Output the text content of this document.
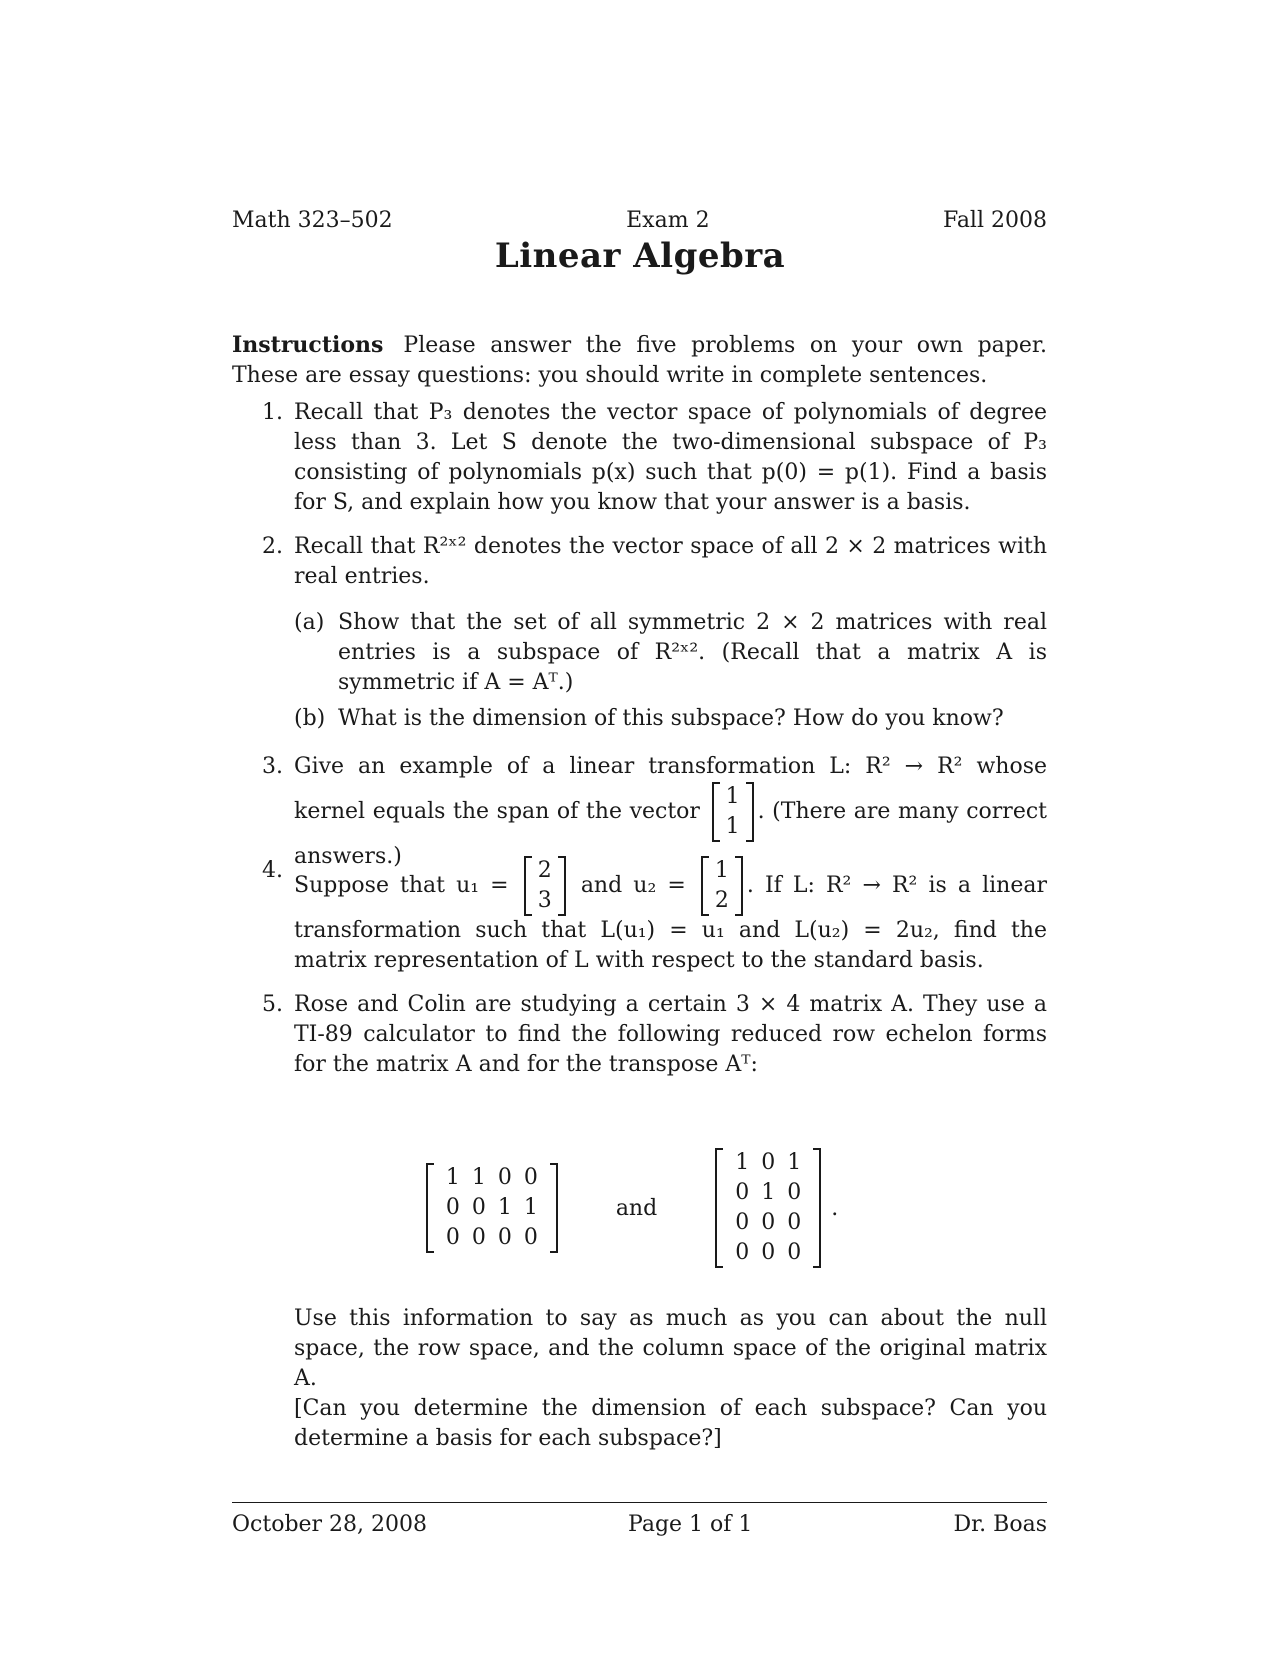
Math 323–502	Exam 2	Fall 2008
Linear Algebra
Instructions Please answer the five problems on your own paper. These are essay questions: you should write in complete sentences.
1. Recall that P₃ denotes the vector space of polynomials of degree less than 3. Let S denote the two-dimensional subspace of P₃ consisting of polynomials p(x) such that p(0) = p(1). Find a basis for S, and explain how you know that your answer is a basis.
2. Recall that R²ˣ² denotes the vector space of all 2 × 2 matrices with real entries.
(a) Show that the set of all symmetric 2 × 2 matrices with real entries is a subspace of R²ˣ². (Recall that a matrix A is symmetric if A = Aᵀ.)
(b) What is the dimension of this subspace? How do you know?
3. Give an example of a linear transformation L: R² → R² whose kernel equals the span of the vector
1
1
. (There are many correct answers.)
4.
Suppose that u₁ =
2
3
and u₂ =
1
2
. If L: R² → R² is a linear transformation such that L(u₁) = u₁ and L(u₂) = 2u₂, find the matrix representation of L with respect to the standard basis.
5. Rose and Colin are studying a certain 3 × 4 matrix A. They use a TI-89 calculator to find the following reduced row echelon forms for the matrix A and for the transpose Aᵀ:
1 1 0 0
0 0 1 1
0 0 0 0
and
1 0 1
0 1 0
0 0 0
0 0 0
.
Use this information to say as much as you can about the null space, the row space, and the column space of the original matrix A.
[Can you determine the dimension of each subspace? Can you determine a basis for each subspace?]
October 28, 2008	Page 1 of 1	Dr. Boas
